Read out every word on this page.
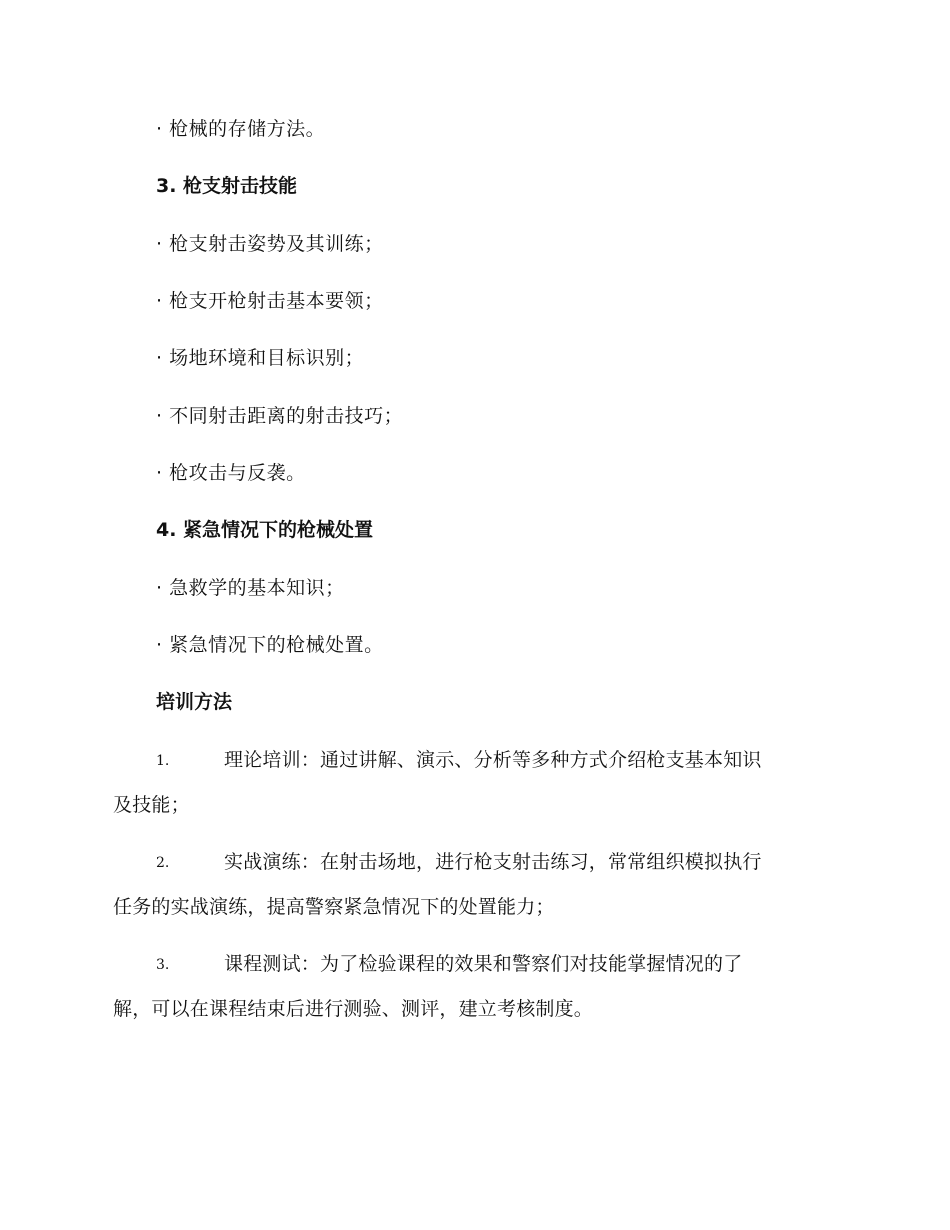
· 枪械的存储方法。
3. 枪支射击技能
· 枪支射击姿势及其训练；
· 枪支开枪射击基本要领；
· 场地环境和目标识别；
· 不同射击距离的射击技巧；
· 枪攻击与反袭。
4. 紧急情况下的枪械处置
· 急救学的基本知识；
· 紧急情况下的枪械处置。
培训方法
1.	理论培训：通过讲解、演示、分析等多种方式介绍枪支基本知识
及技能；
2.	实战演练：在射击场地，进行枪支射击练习，常常组织模拟执行
任务的实战演练，提高警察紧急情况下的处置能力；
3.	课程测试：为了检验课程的效果和警察们对技能掌握情况的了
解，可以在课程结束后进行测验、测评，建立考核制度。
